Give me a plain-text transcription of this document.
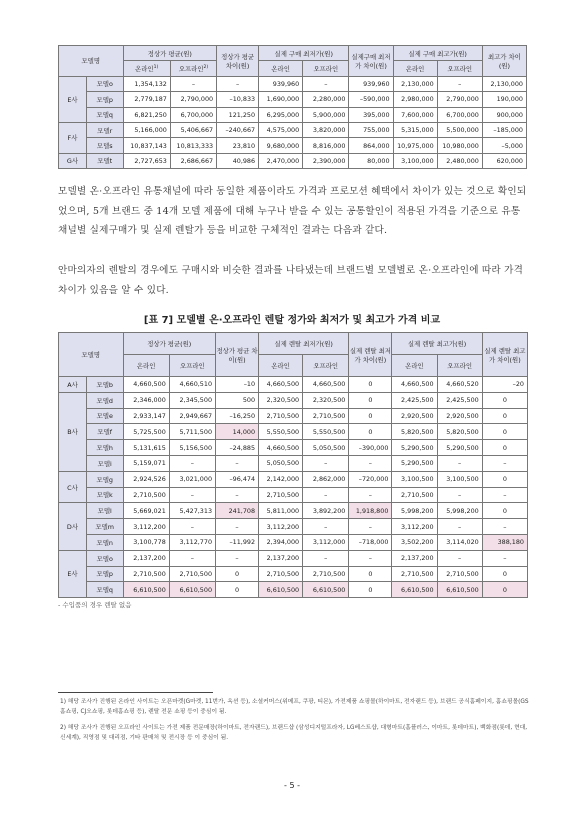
모델명		정상가 평균(원)		정상가 평균 차이(원)	실제 구매 최저가(원)		실제구매 최저가 차이(원)	실제 구매 최고가(원)		최고가 차이(원)
		온라인$^{1)}$	오프라인$^{2)}$		온라인	오프라인		온라인	오프라인	
E사	모델o	1,354,132	–	–	939,960	–	939,960	2,130,000	–	2,130,000
	모델p	2,779,187	2,790,000	–10,833	1,690,000	2,280,000	–590,000	2,980,000	2,790,000	190,000
	모델q	6,821,250	6,700,000	121,250	6,295,000	5,900,000	395,000	7,600,000	6,700,000	900,000
F사	모델r	5,166,000	5,406,667	–240,667	4,575,000	3,820,000	755,000	5,315,000	5,500,000	–185,000
	모델s	10,837,143	10,813,333	23,810	9,680,000	8,816,000	864,000	10,975,000	10,980,000	–5,000
G사	모델t	2,727,653	2,686,667	40,986	2,470,000	2,390,000	80,000	3,100,000	2,480,000	620,000

모델별 온·오프라인 유통채널에 따라 동일한 제품이라도 가격과 프로모션 혜택에서 차이가 있는 것으로 확인되었으며, 5개 브랜드 중 14개 모델 제품에 대해 누구나 받을 수 있는 공통할인이 적용된 가격을 기준으로 유통채널별 실제구매가 및 실제 렌탈가 등을 비교한 구체적인 결과는 다음과 같다.

안마의자의 렌탈의 경우에도 구매시와 비슷한 결과를 나타냈는데 브랜드별 모델별로 온·오프라인에 따라 가격 차이가 있음을 알 수 있다.

[표 7] 모델별 온·오프라인 렌탈 정가와 최저가 및 최고가 가격 비교

모델명		정상가 평균(원)		정상가 평균 차이(원)	실제 렌탈 최저가(원)		실제 렌탈 최저가 차이(원)	실제 렌탈 최고가(원)		실제 렌탈 최고가 차이(원)
		온라인	오프라인		온라인	오프라인		온라인	오프라인	
A사	모델b	4,660,500	4,660,510	–10	4,660,500	4,660,500	0	4,660,500	4,660,520	–20
B사	모델d	2,346,000	2,345,500	500	2,320,500	2,320,500	0	2,425,500	2,425,500	0
	모델e	2,933,147	2,949,667	–16,250	2,710,500	2,710,500	0	2,920,500	2,920,500	0
	모델f	5,725,500	5,711,500	14,000	5,550,500	5,550,500	0	5,820,500	5,820,500	0
	모델h	5,131,615	5,156,500	–24,885	4,660,500	5,050,500	–390,000	5,290,500	5,290,500	0
	모델i	5,159,071	–	–	5,050,500	–	–	5,290,500	–	–
C사	모델g	2,924,526	3,021,000	–96,474	2,142,000	2,862,000	–720,000	3,100,500	3,100,500	0
	모델k	2,710,500	–	–	2,710,500	–	–	2,710,500	–	–
D사	모델l	5,669,021	5,427,313	241,708	5,811,000	3,892,200	1,918,800	5,998,200	5,998,200	0
	모델m	3,112,200	–	–	3,112,200	–	–	3,112,200	–	–
	모델n	3,100,778	3,112,770	–11,992	2,394,000	3,112,000	–718,000	3,502,200	3,114,020	388,180
E사	모델o	2,137,200	–	–	2,137,200	–	–	2,137,200	–	–
	모델p	2,710,500	2,710,500	0	2,710,500	2,710,500	0	2,710,500	2,710,500	0
	모델q	6,610,500	6,610,500	0	6,610,500	6,610,500	0	6,610,500	6,610,500	0

- 수입품의 경우 렌탈 없음

1) 해당 조사가 진행된 온라인 사이트는 오픈마켓(G마켓, 11번가, 옥션 등), 소셜커머스(위메프, 쿠팡, 티몬), 가전제품 쇼핑몰(하이마트, 전자랜드 등), 브랜드 공식홈페이지, 홈쇼핑몰(GS홈쇼핑, CJ오쇼핑, 롯데홈쇼핑 등), 렌탈 전문 쇼핑 등이 중심이 됨.

2) 해당 조사가 진행된 오프라인 사이트는 가전 제품 전문매장(하이마트, 전자랜드), 브랜드샵 (삼성디지털프라자, LG베스트샵, 대형마트(홈플러스, 이마트, 롯데마트), 백화점(롯데, 현대, 신세계), 직영점 및 대리점, 기타 판매처 및 전시장 등 이 중심이 됨.

- 5 -
